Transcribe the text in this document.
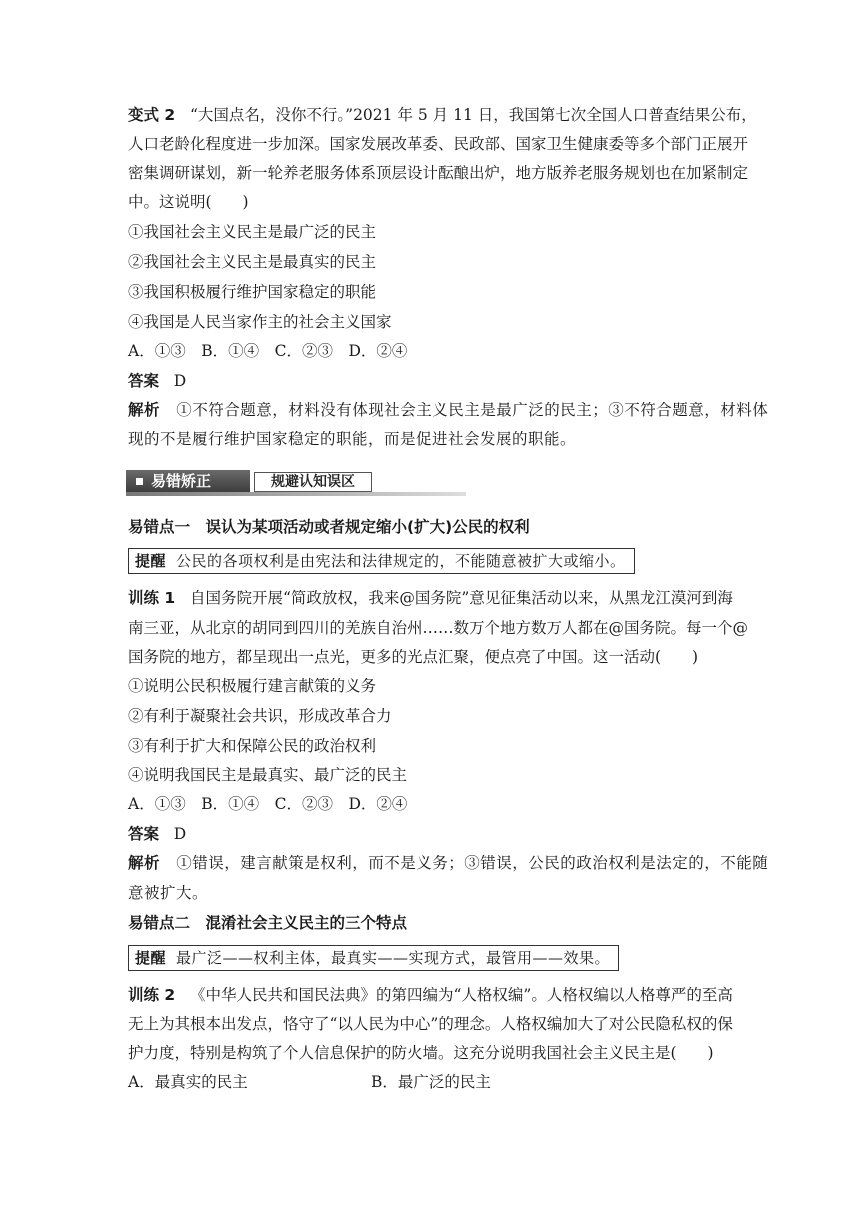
变式 2 “大国点名，没你不行。”2021 年 5 月 11 日，我国第七次全国人口普查结果公布，
人口老龄化程度进一步加深。国家发展改革委、民政部、国家卫生健康委等多个部门正展开
密集调研谋划，新一轮养老服务体系顶层设计酝酿出炉，地方版养老服务规划也在加紧制定
中。这说明(　　)
①我国社会主义民主是最广泛的民主
②我国社会主义民主是最真实的民主
③我国积极履行维护国家稳定的职能
④我国是人民当家作主的社会主义国家
A．①③　B．①④　C．②③　D．②④
答案 D
解析 ①不符合题意，材料没有体现社会主义民主是最广泛的民主；③不符合题意，材料体
现的不是履行维护国家稳定的职能，而是促进社会发展的职能。
易错矫正	规避认知误区
易错点一　误认为某项活动或者规定缩小(扩大)公民的权利
提醒 公民的各项权利是由宪法和法律规定的，不能随意被扩大或缩小。
训练 1 自国务院开展“简政放权，我来@国务院”意见征集活动以来，从黑龙江漠河到海
南三亚，从北京的胡同到四川的羌族自治州……数万个地方数万人都在@国务院。每一个@
国务院的地方，都呈现出一点光，更多的光点汇聚，便点亮了中国。这一活动(　　)
①说明公民积极履行建言献策的义务
②有利于凝聚社会共识，形成改革合力
③有利于扩大和保障公民的政治权利
④说明我国民主是最真实、最广泛的民主
A．①③　B．①④　C．②③　D．②④
答案 D
解析 ①错误，建言献策是权利，而不是义务；③错误，公民的政治权利是法定的，不能随
意被扩大。
易错点二　混淆社会主义民主的三个特点
提醒 最广泛——权利主体，最真实——实现方式，最管用——效果。
训练 2 《中华人民共和国民法典》的第四编为“人格权编”。人格权编以人格尊严的至高
无上为其根本出发点，恪守了“以人民为中心”的理念。人格权编加大了对公民隐私权的保
护力度，特别是构筑了个人信息保护的防火墙。这充分说明我国社会主义民主是(　　)
A．最真实的民主	B．最广泛的民主
